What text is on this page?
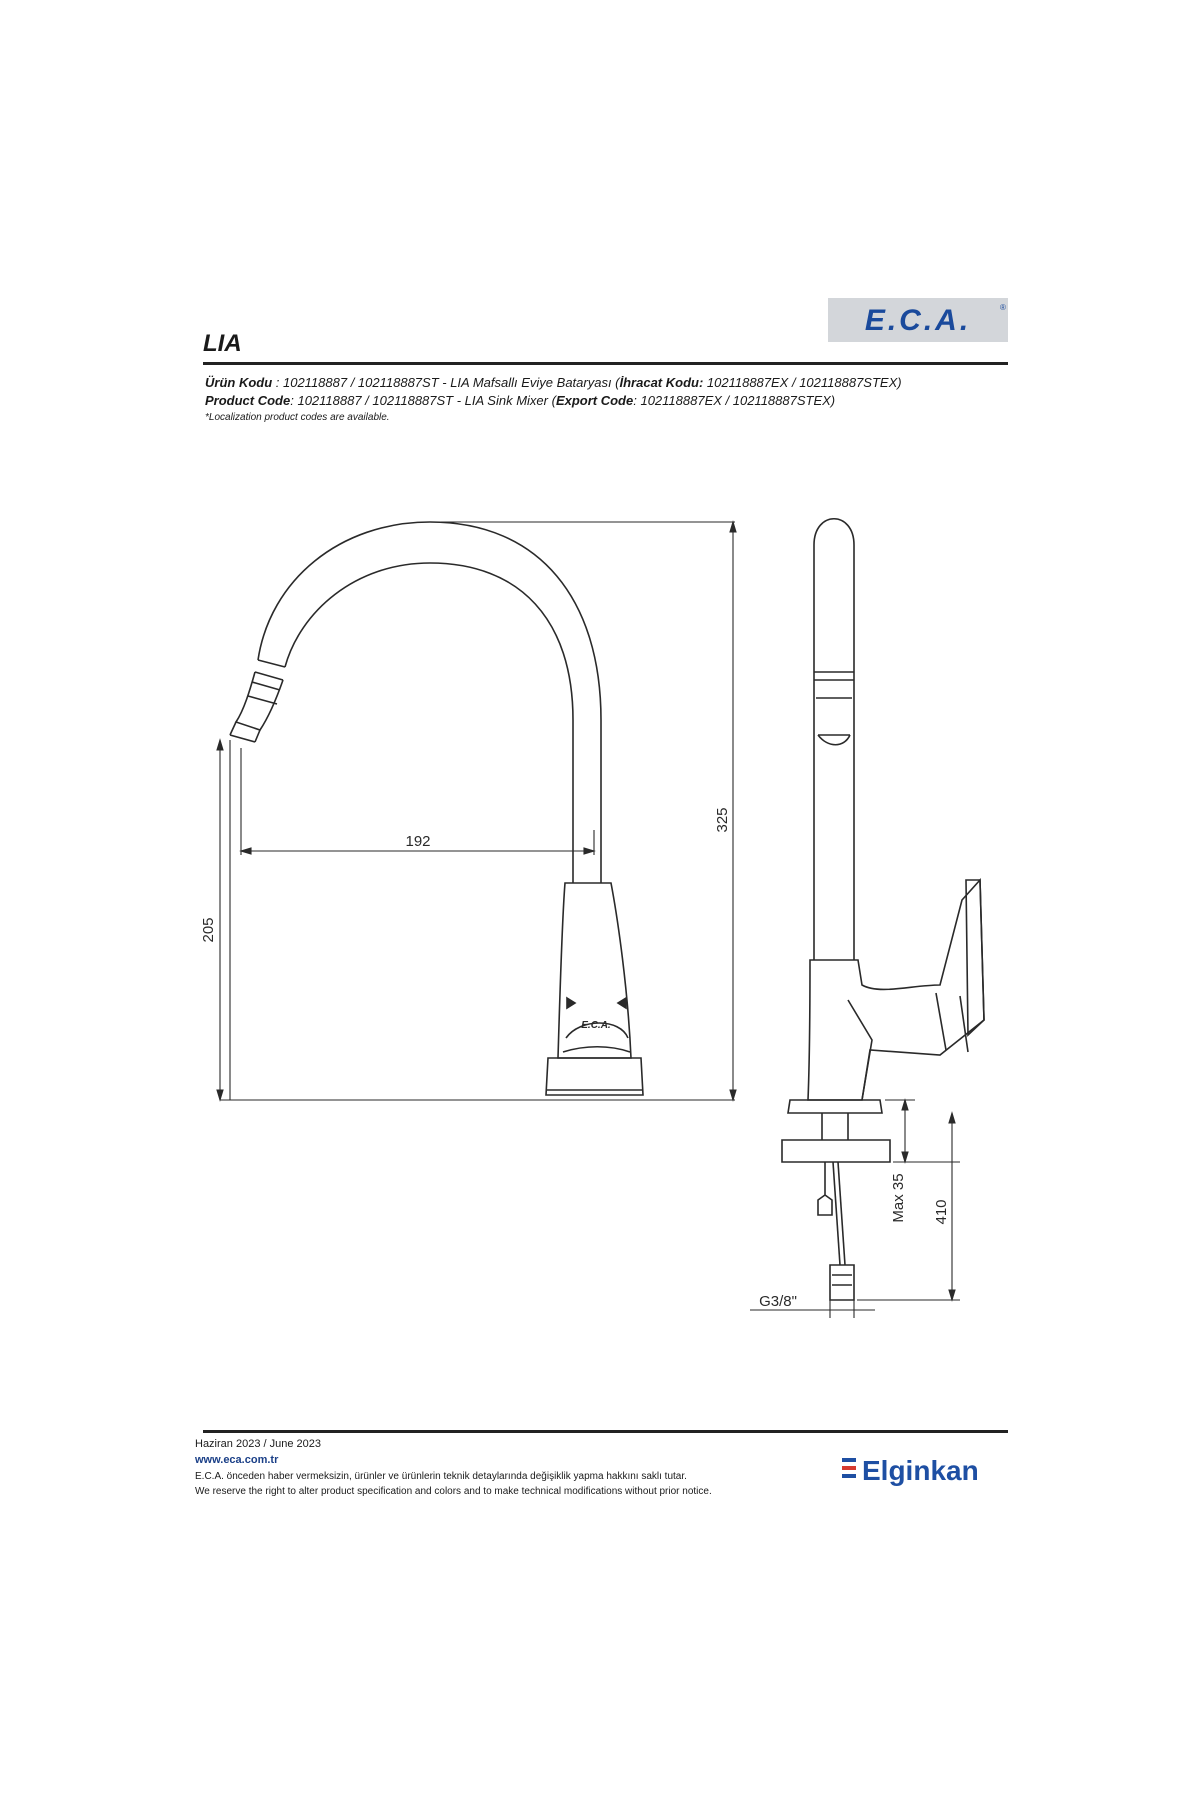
E.C.A.	®
LIA
Ürün Kodu : 102118887 / 102118887ST - LIA Mafsallı Eviye Bataryası (İhracat Kodu: 102118887EX / 102118887STEX)
Product Code: 102118887 / 102118887ST - LIA Sink Mixer (Export Code: 102118887EX / 102118887STEX)
*Localization product codes are available.
192
205
325
Max 35 410
G3/8"
E.C.A.
Haziran 2023 / June 2023
www.eca.com.tr
E.C.A. önceden haber vermeksizin, ürünler ve ürünlerin teknik detaylarında değişiklik yapma hakkını saklı tutar.
We reserve the right to alter product specification and colors and to make technical modifications without prior notice.
Elginkan
